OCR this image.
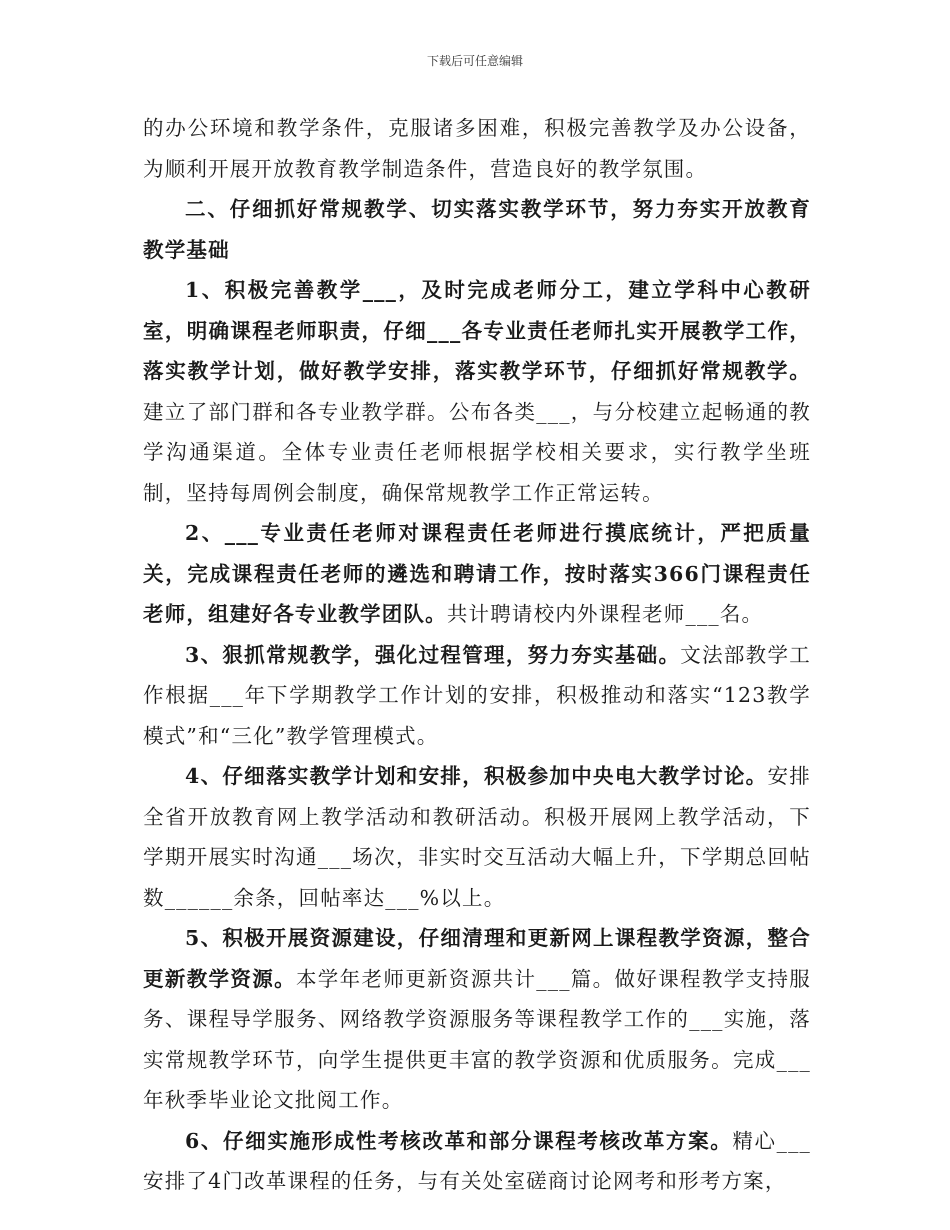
下载后可任意编辑

的办公环境和教学条件，克服诸多困难，积极完善教学及办公设备，为顺利开展开放教育教学制造条件，营造良好的教学氛围。

二、仔细抓好常规教学、切实落实教学环节，努力夯实开放教育教学基础

1、积极完善教学___，及时完成老师分工，建立学科中心教研室，明确课程老师职责，仔细___各专业责任老师扎实开展教学工作，落实教学计划，做好教学安排，落实教学环节，仔细抓好常规教学。建立了部门群和各专业教学群。公布各类___，与分校建立起畅通的教学沟通渠道。全体专业责任老师根据学校相关要求，实行教学坐班制，坚持每周例会制度，确保常规教学工作正常运转。

2、___专业责任老师对课程责任老师进行摸底统计，严把质量关，完成课程责任老师的遴选和聘请工作，按时落实366门课程责任老师，组建好各专业教学团队。共计聘请校内外课程老师___名。

3、狠抓常规教学，强化过程管理，努力夯实基础。文法部教学工作根据___年下学期教学工作计划的安排，积极推动和落实“123教学模式”和“三化”教学管理模式。

4、仔细落实教学计划和安排，积极参加中央电大教学讨论。安排全省开放教育网上教学活动和教研活动。积极开展网上教学活动，下学期开展实时沟通___场次，非实时交互活动大幅上升，下学期总回帖数______余条，回帖率达___%以上。

5、积极开展资源建设，仔细清理和更新网上课程教学资源，整合更新教学资源。本学年老师更新资源共计___篇。做好课程教学支持服务、课程导学服务、网络教学资源服务等课程教学工作的___实施，落实常规教学环节，向学生提供更丰富的教学资源和优质服务。完成___年秋季毕业论文批阅工作。

6、仔细实施形成性考核改革和部分课程考核改革方案。精心___安排了4门改革课程的任务，与有关处室磋商讨论网考和形考方案，
